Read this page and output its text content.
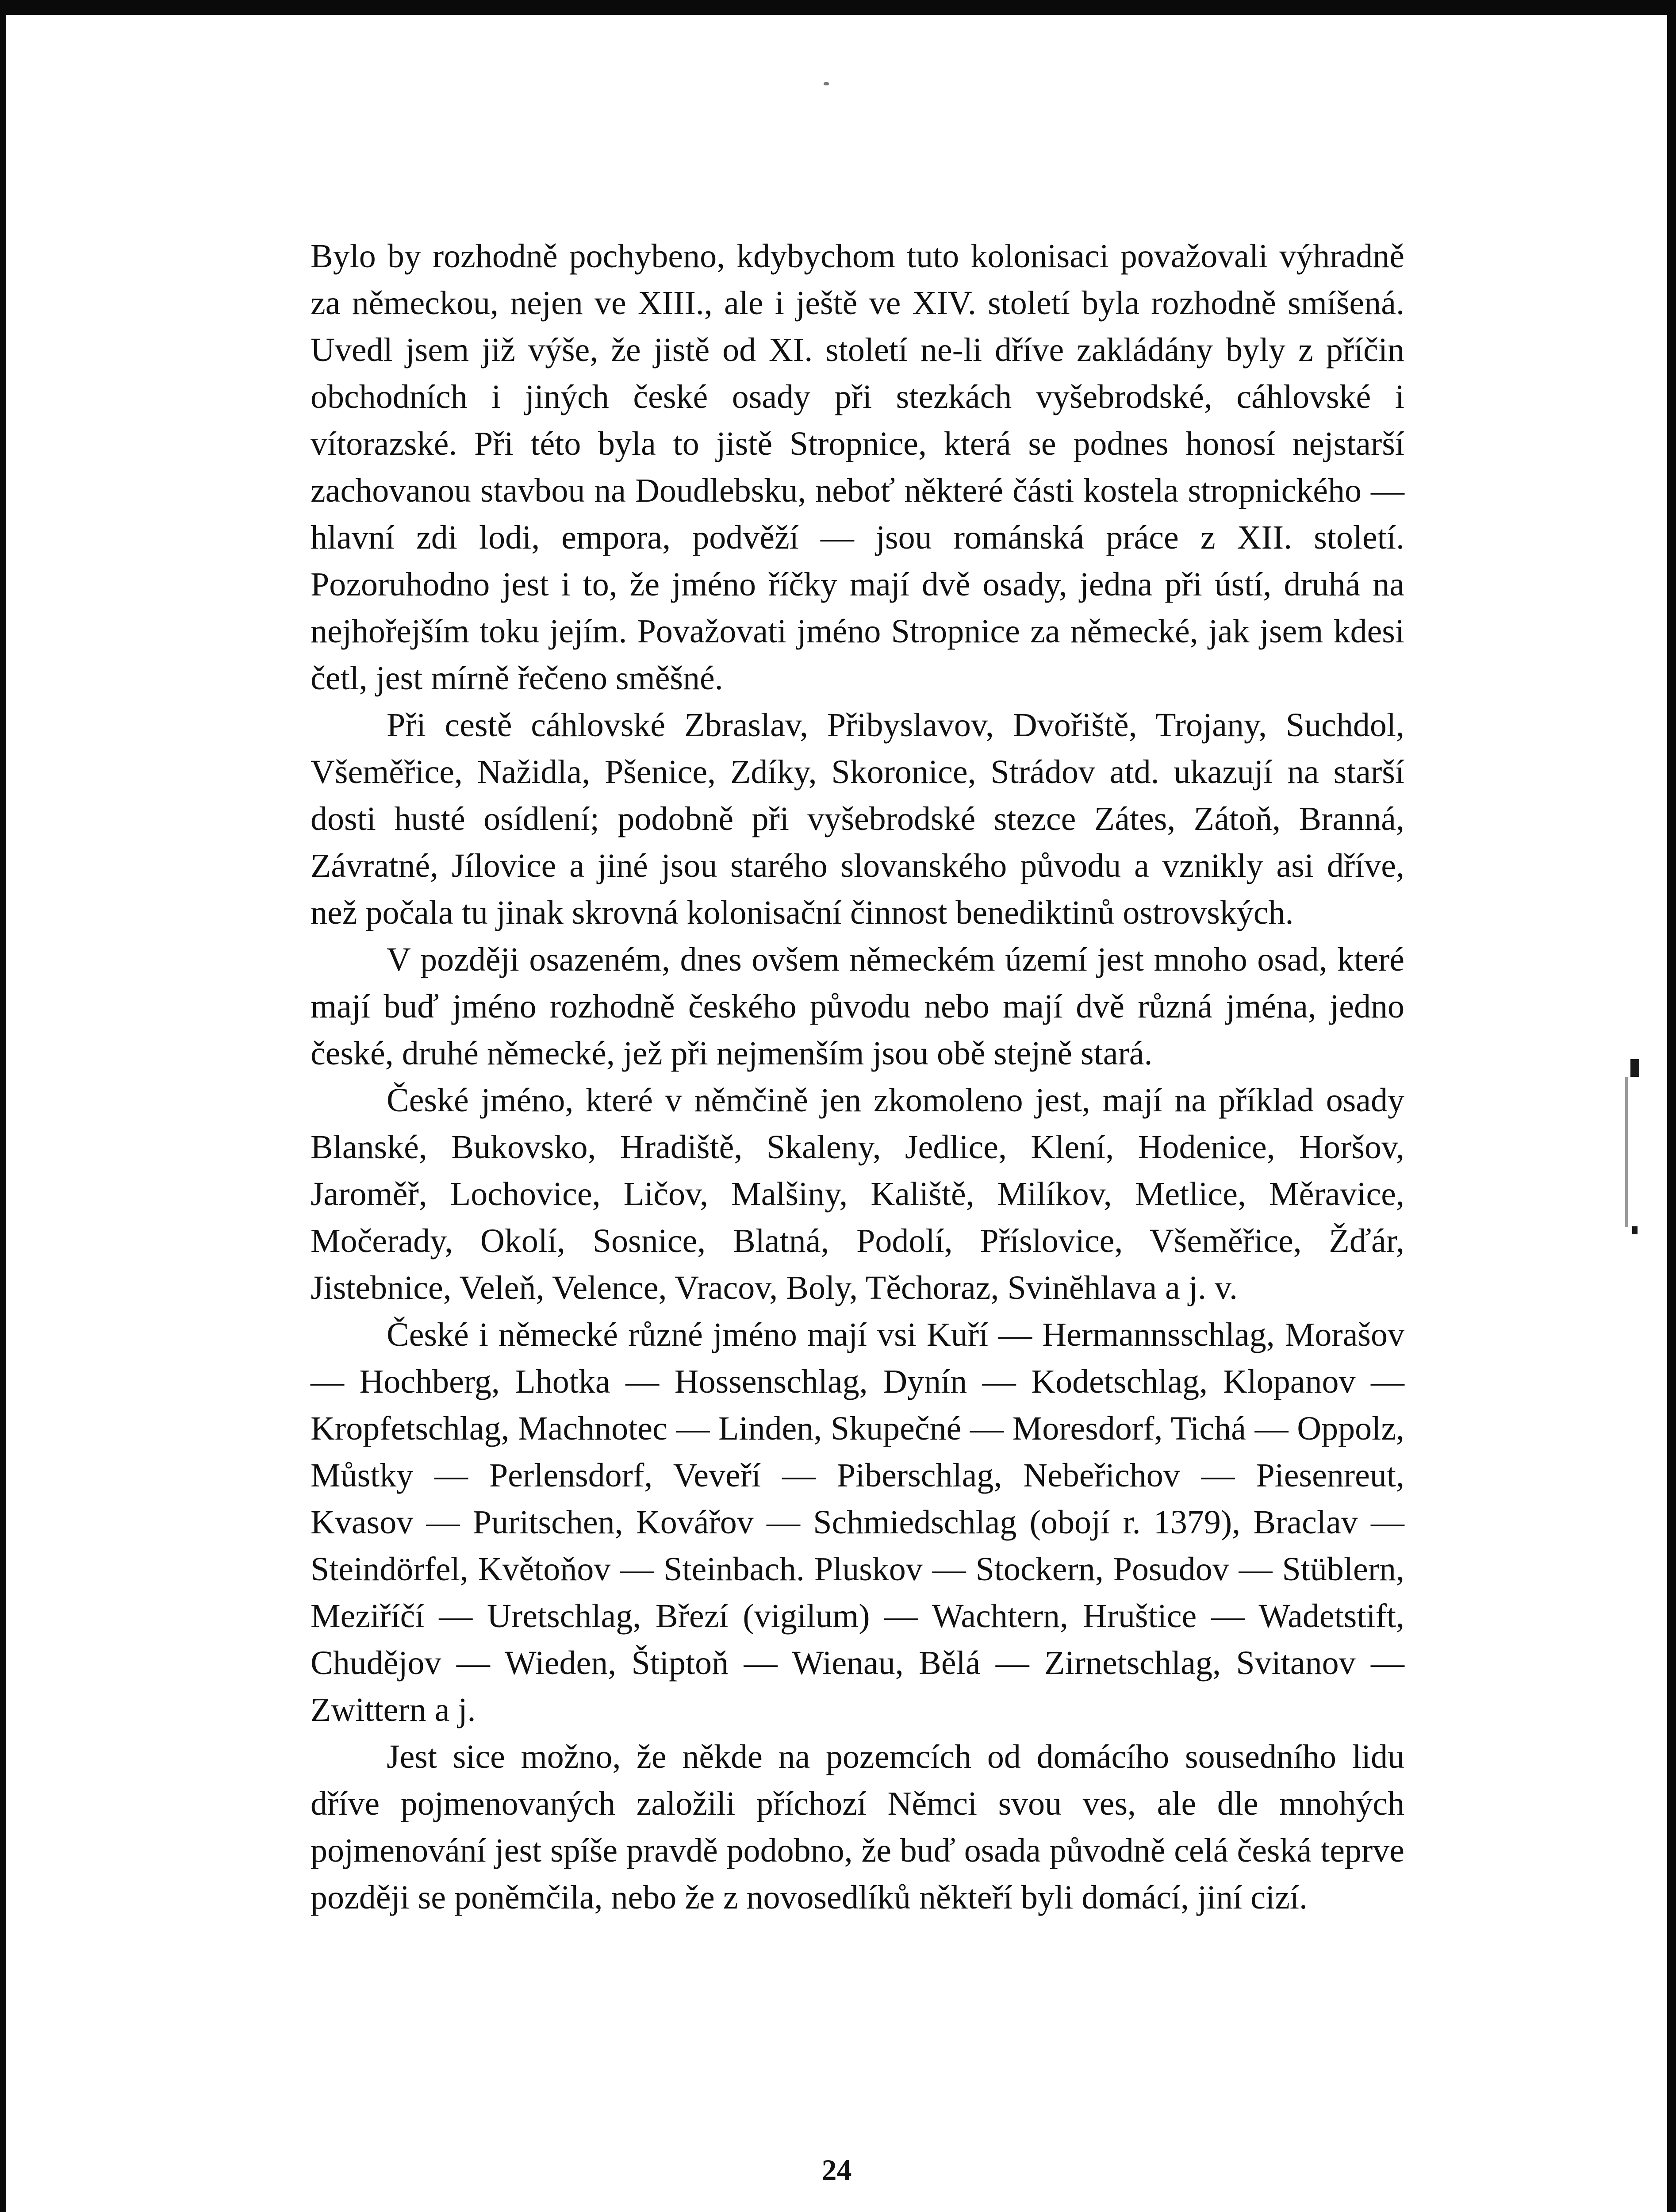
Bylo by rozhodně pochybeno, kdybychom tuto kolonisaci považovali výhradně za německou, nejen ve XIII., ale i ještě ve XIV. století byla rozhodně smíšená. Uvedl jsem již výše, že jistě od XI. století ne-li dříve zakládány byly z příčin obchodních i jiných české osady při stezkách vyšebrodské, cáhlovské i vítorazské. Při této byla to jistě Stropnice, která se podnes honosí nejstarší zachovanou stavbou na Doudlebsku, neboť některé části kostela stropnického — hlavní zdi lodi, empora, podvěží — jsou románská práce z XII. století. Pozoruhodno jest i to, že jméno říčky mají dvě osady, jedna při ústí, druhá na nejhořejším toku jejím. Považovati jméno Stropnice za německé, jak jsem kdesi četl, jest mírně řečeno směšné.

Při cestě cáhlovské Zbraslav, Přibyslavov, Dvořiště, Trojany, Suchdol, Všeměřice, Nažidla, Pšenice, Zdíky, Skoronice, Strádov atd. ukazují na starší dosti husté osídlení; podobně při vyšebrodské stezce Zátes, Zátoň, Branná, Závratné, Jílovice a jiné jsou starého slovanského původu a vznikly asi dříve, než počala tu jinak skrovná kolonisační činnost benediktinů ostrovských.

V později osazeném, dnes ovšem německém území jest mnoho osad, které mají buď jméno rozhodně českého původu nebo mají dvě různá jména, jedno české, druhé německé, jež při nejmenším jsou obě stejně stará.

České jméno, které v němčině jen zkomoleno jest, mají na příklad osady Blanské, Bukovsko, Hradiště, Skaleny, Jedlice, Klení, Hodenice, Horšov, Jaroměř, Lochovice, Ličov, Malšiny, Kaliště, Milíkov, Metlice, Měravice, Močerady, Okolí, Sosnice, Blatná, Podolí, Příslovice, Všeměřice, Žďár, Jistebnice, Veleň, Velence, Vracov, Boly, Těchoraz, Svinĕhlava a j. v.

České i německé různé jméno mají vsi Kuří — Hermannsschlag, Morašov — Hochberg, Lhotka — Hossenschlag, Dynín — Kodetschlag, Klopanov — Kropfetschlag, Machnotec — Linden, Skupečné — Moresdorf, Tichá — Oppolz, Můstky — Perlensdorf, Veveří — Piberschlag, Nebeřichov — Piesenreut, Kvasov — Puritschen, Kovářov — Schmiedschlag (obojí r. 1379), Braclav — Steindörfel, Květoňov — Steinbach. Pluskov — Stockern, Posudov — Stüblern, Meziříčí — Uretschlag, Březí (vigilum) — Wachtern, Hruštice — Wadetstift, Chudějov — Wieden, Štiptoň — Wienau, Bělá — Zirnetschlag, Svitanov — Zwittern a j.

Jest sice možno, že někde na pozemcích od domácího sousedního lidu dříve pojmenovaných založili příchozí Němci svou ves, ale dle mnohých pojmenování jest spíše pravdě podobno, že buď osada původně celá česká teprve později se poněmčila, nebo že z novosedlíků někteří byli domácí, jiní cizí.

24
